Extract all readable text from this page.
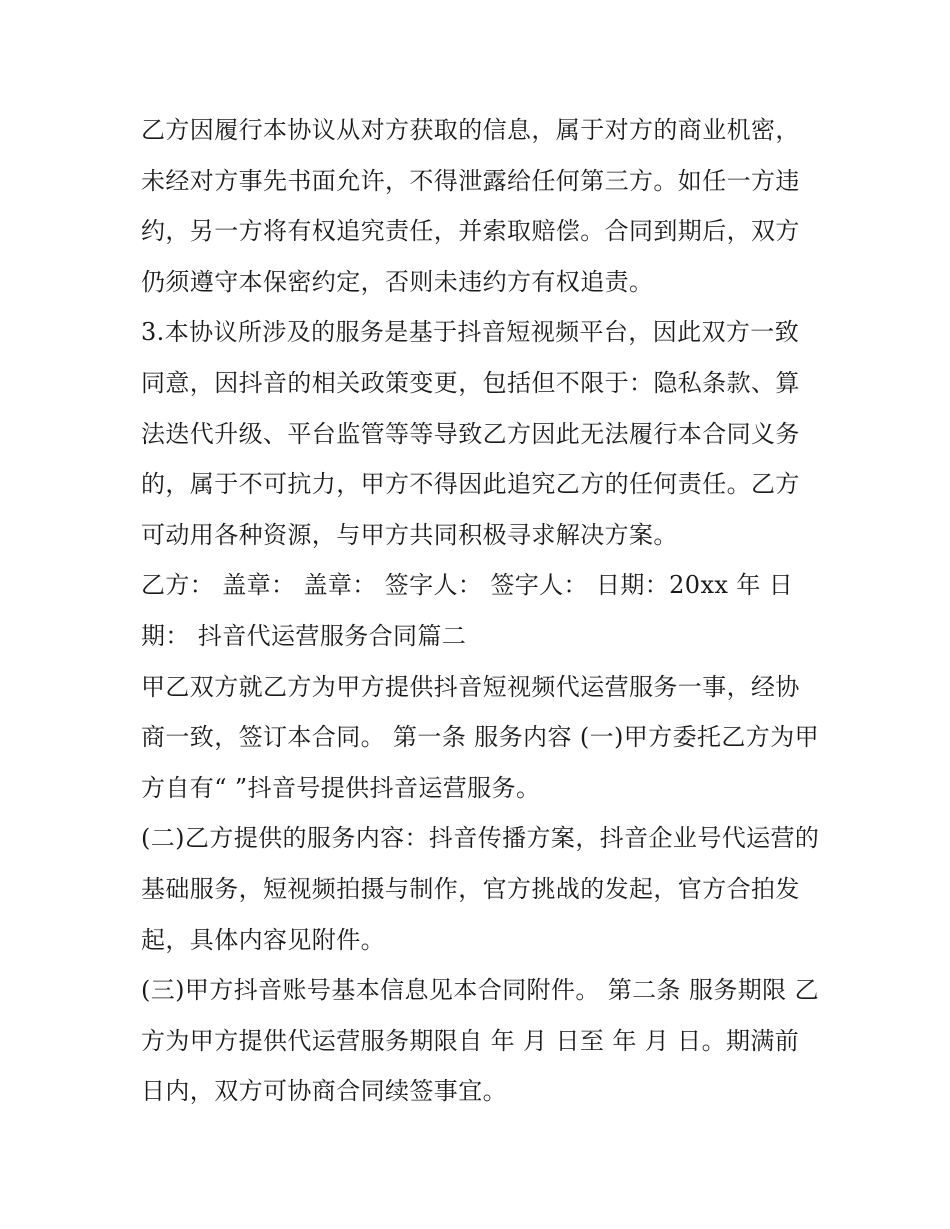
乙方因履行本协议从对方获取的信息，属于对方的商业机密，未经对方事先书面允许，不得泄露给任何第三方。如任一方违约，另一方将有权追究责任，并索取赔偿。合同到期后，双方仍须遵守本保密约定，否则未违约方有权追责。

3.本协议所涉及的服务是基于抖音短视频平台，因此双方一致同意，因抖音的相关政策变更，包括但不限于：隐私条款、算法迭代升级、平台监管等等导致乙方因此无法履行本合同义务的，属于不可抗力，甲方不得因此追究乙方的任何责任。乙方可动用各种资源，与甲方共同积极寻求解决方案。

乙方： 盖章： 盖章： 签字人： 签字人： 日期：20xx 年 日期： 抖音代运营服务合同篇二

甲乙双方就乙方为甲方提供抖音短视频代运营服务一事，经协商一致，签订本合同。 第一条 服务内容 (一)甲方委托乙方为甲方自有“ ”抖音号提供抖音运营服务。

(二)乙方提供的服务内容：抖音传播方案，抖音企业号代运营的基础服务，短视频拍摄与制作，官方挑战的发起，官方合拍发起，具体内容见附件。

(三)甲方抖音账号基本信息见本合同附件。 第二条 服务期限 乙方为甲方提供代运营服务期限自 年 月 日至 年 月 日。期满前 日内，双方可协商合同续签事宜。
